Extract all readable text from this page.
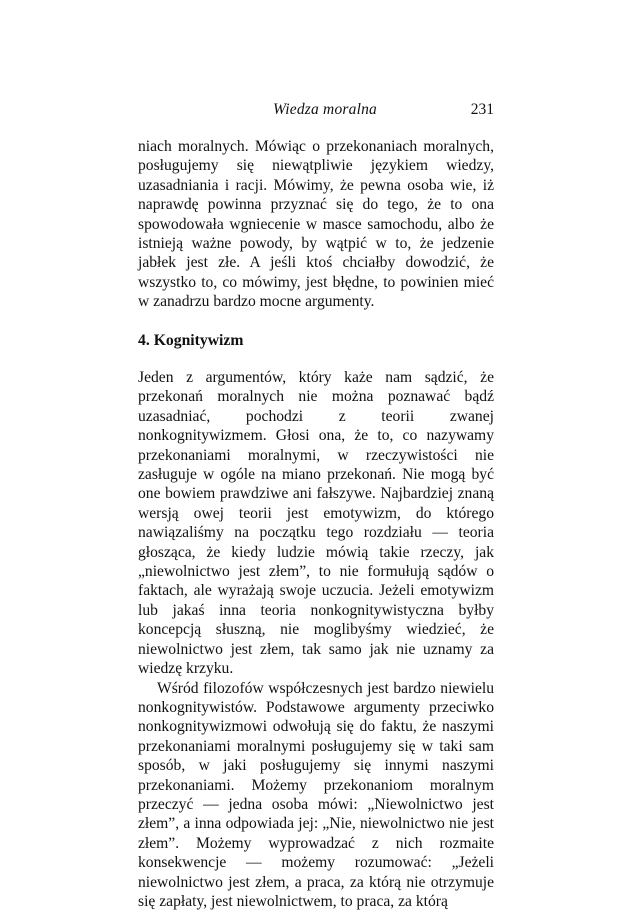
Wiedza moralna	231

niach moralnych. Mówiąc o przekonaniach moralnych, posługujemy się niewątpliwie językiem wiedzy, uzasadniania i racji. Mówimy, że pewna osoba wie, iż naprawdę powinna przyznać się do tego, że to ona spowodowała wgniecenie w masce samochodu, albo że istnieją ważne powody, by wątpić w to, że jedzenie jabłek jest złe. A jeśli ktoś chciałby dowodzić, że wszystko to, co mówimy, jest błędne, to powinien mieć w zanadrzu bardzo mocne argumenty.

4. Kognitywizm

Jeden z argumentów, który każe nam sądzić, że przekonań moralnych nie można poznawać bądź uzasadniać, pochodzi z teorii zwanej nonkognitywizmem. Głosi ona, że to, co nazywamy przekonaniami moralnymi, w rzeczywistości nie zasługuje w ogóle na miano przekonań. Nie mogą być one bowiem prawdziwe ani fałszywe. Najbardziej znaną wersją owej teorii jest emotywizm, do którego nawiązaliśmy na początku tego rozdziału — teoria głosząca, że kiedy ludzie mówią takie rzeczy, jak „niewolnictwo jest złem”, to nie formułują sądów o faktach, ale wyrażają swoje uczucia. Jeżeli emotywizm lub jakaś inna teoria nonkognitywistyczna byłby koncepcją słuszną, nie moglibyśmy wiedzieć, że niewolnictwo jest złem, tak samo jak nie uznamy za wiedzę krzyku.

Wśród filozofów współczesnych jest bardzo niewielu nonkognitywistów. Podstawowe argumenty przeciwko nonkognitywizmowi odwołują się do faktu, że naszymi przekonaniami moralnymi posługujemy się w taki sam sposób, w jaki posługujemy się innymi naszymi przekonaniami. Możemy przekonaniom moralnym przeczyć — jedna osoba mówi: „Niewolnictwo jest złem”, a inna odpowiada jej: „Nie, niewolnictwo nie jest złem”. Możemy wyprowadzać z nich rozmaite konsekwencje — możemy rozumować: „Jeżeli niewolnictwo jest złem, a praca, za którą nie otrzymuje się zapłaty, jest niewolnictwem, to praca, za którą
